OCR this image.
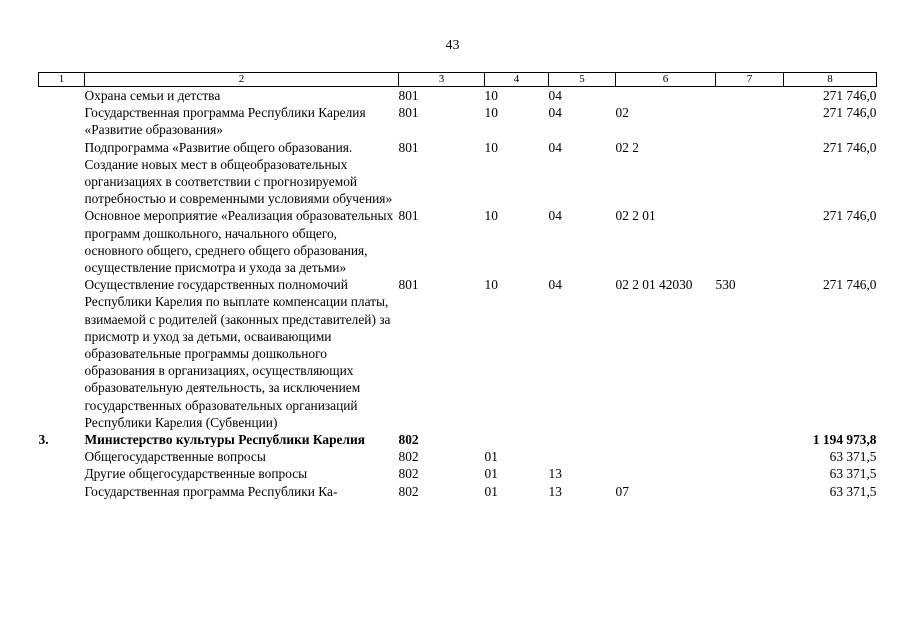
43
1	2	3	4	5	6	7	8
	Охрана семьи и детства	801	10	04			271 746,0
	Государственная программа Республики Карелия «Развитие образования»	801	10	04	02		271 746,0
	Подпрограмма «Развитие общего образования. Создание новых мест в общеобразовательных организациях в соответствии с прогнозируемой потребностью и современными условиями обучения»	801	10	04	02 2		271 746,0
	Основное мероприятие «Реализация образовательных программ дошкольного, начального общего, основного общего, среднего общего образования, осуществление присмотра и ухода за детьми»	801	10	04	02 2 01		271 746,0
	Осуществление государственных полномочий Республики Карелия по выплате компенсации платы, взимаемой с родителей (законных представителей) за присмотр и уход за детьми, осваивающими образовательные программы дошкольного образования в организациях, осуществляющих образовательную деятельность, за исключением государственных образовательных организаций Республики Карелия (Субвенции)	801	10	04	02 2 01 42030	530	271 746,0
3.	Министерство культуры Республики Карелия	802					1 194 973,8
	Общегосударственные вопросы	802	01				63 371,5
	Другие общегосударственные вопросы	802	01	13			63 371,5
	Государственная программа Республики Ка-	802	01	13	07		63 371,5
